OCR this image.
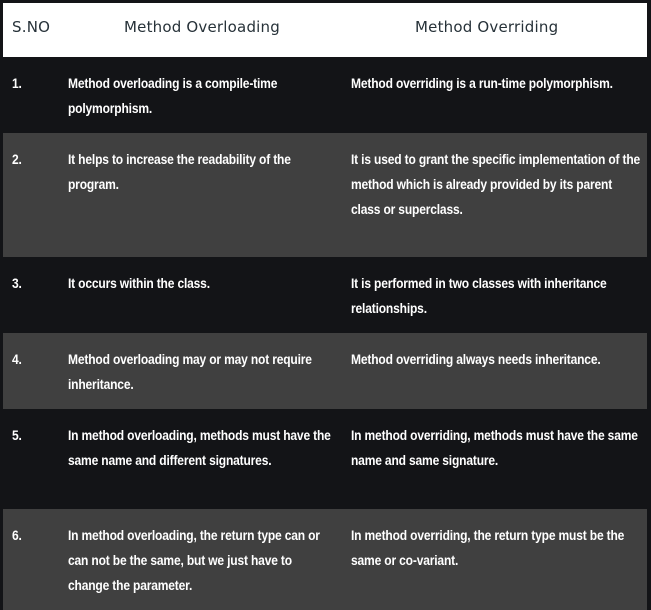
S.NO	Method Overloading	Method Overriding

1.	Method overloading is a compile-time polymorphism.	Method overriding is a run-time polymorphism.

2.	It helps to increase the readability of the program.	It is used to grant the specific implementation of the method which is already provided by its parent class or superclass.

3.	It occurs within the class.	It is performed in two classes with inheritance relationships.

4.	Method overloading may or may not require inheritance.	Method overriding always needs inheritance.

5.	In method overloading, methods must have the same name and different signatures.	In method overriding, methods must have the same name and same signature.

6.	In method overloading, the return type can or can not be the same, but we just have to change the parameter.	In method overriding, the return type must be the same or co-variant.
